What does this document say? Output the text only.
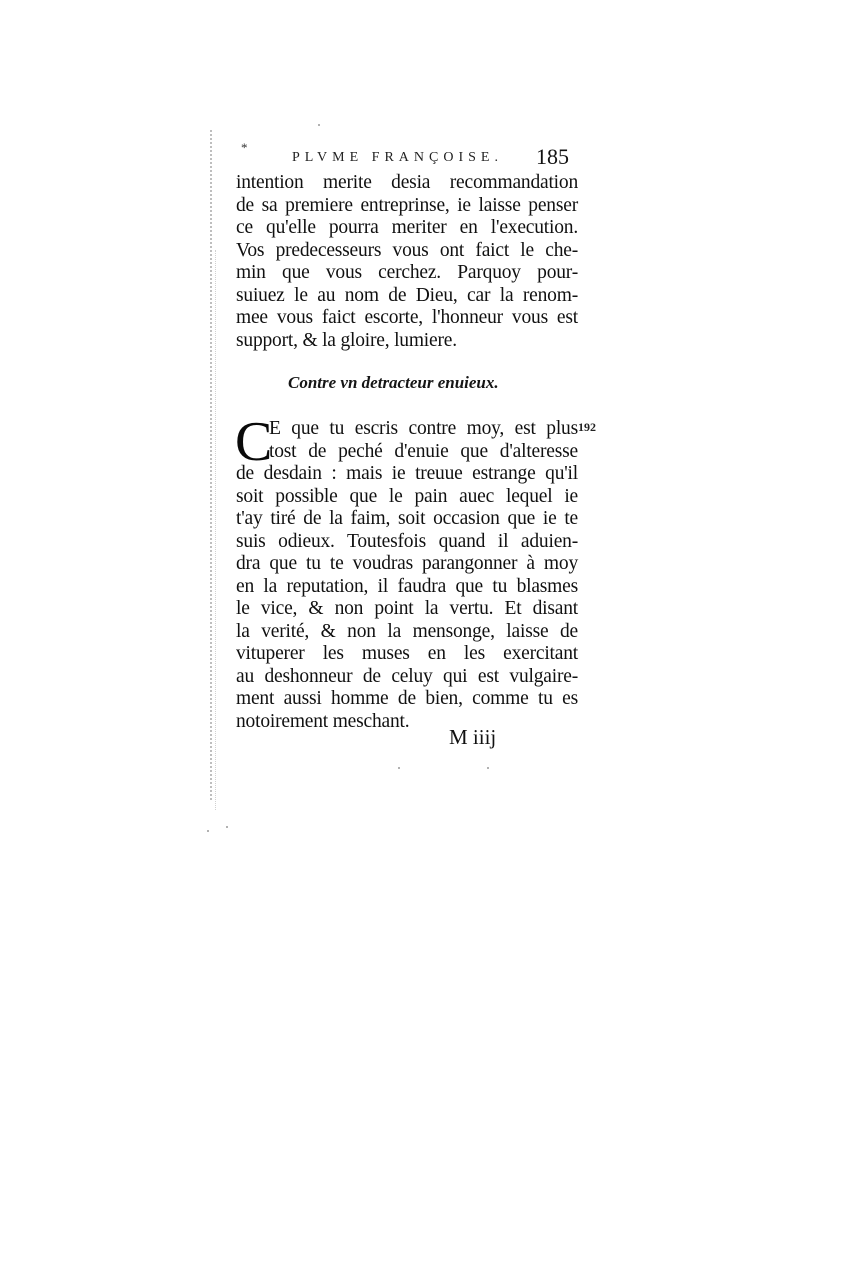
*
PLVME FRANÇOISE. 185
intention merite desia recommandation
de sa premiere entreprinse, ie laisse penser
ce qu'elle pourra meriter en l'execution.
Vos predecesseurs vous ont faict le che-
min que vous cerchez. Parquoy pour-
suiuez le au nom de Dieu, car la renom-
mee vous faict escorte, l'honneur vous est
support, & la gloire, lumiere.
Contre vn detracteur enuieux.
C	192
E que tu escris contre moy, est plus
tost de peché d'enuie que d'alteresse
de desdain : mais ie treuue estrange qu'il
soit possible que le pain auec lequel ie
t'ay tiré de la faim, soit occasion que ie te
suis odieux. Toutesfois quand il aduien-
dra que tu te voudras parangonner à moy
en la reputation, il faudra que tu blasmes
le vice, & non point la vertu. Et disant
la verité, & non la mensonge, laisse de
vituperer les muses en les exercitant
au deshonneur de celuy qui est vulgaire-
ment aussi homme de bien, comme tu es
notoirement meschant.
M iiij
